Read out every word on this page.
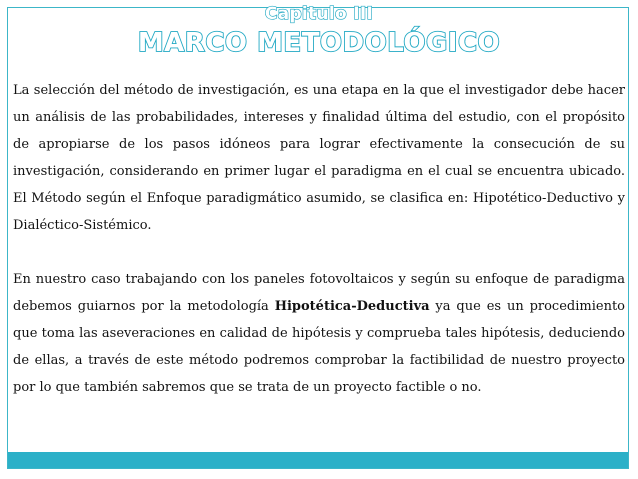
Capitulo III
MARCO METODOLÓGICO

La selección del método de investigación, es una etapa en la que el investigador debe hacer un análisis de las probabilidades, intereses y finalidad última del estudio, con el propósito de apropiarse de los pasos idóneos para lograr efectivamente la consecución de su investigación, considerando en primer lugar el paradigma en el cual se encuentra ubicado. El Método según el Enfoque paradigmático asumido, se clasifica en: Hipotético-Deductivo y Dialéctico-Sistémico.

En nuestro caso trabajando con los paneles fotovoltaicos y según su enfoque de paradigma debemos guiarnos por la metodología Hipotética-Deductiva ya que es un procedimiento que toma las aseveraciones en calidad de hipótesis y comprueba tales hipótesis, deduciendo de ellas, a través de este método podremos comprobar la factibilidad de nuestro proyecto por lo que también sabremos que se trata de un proyecto factible o no.
